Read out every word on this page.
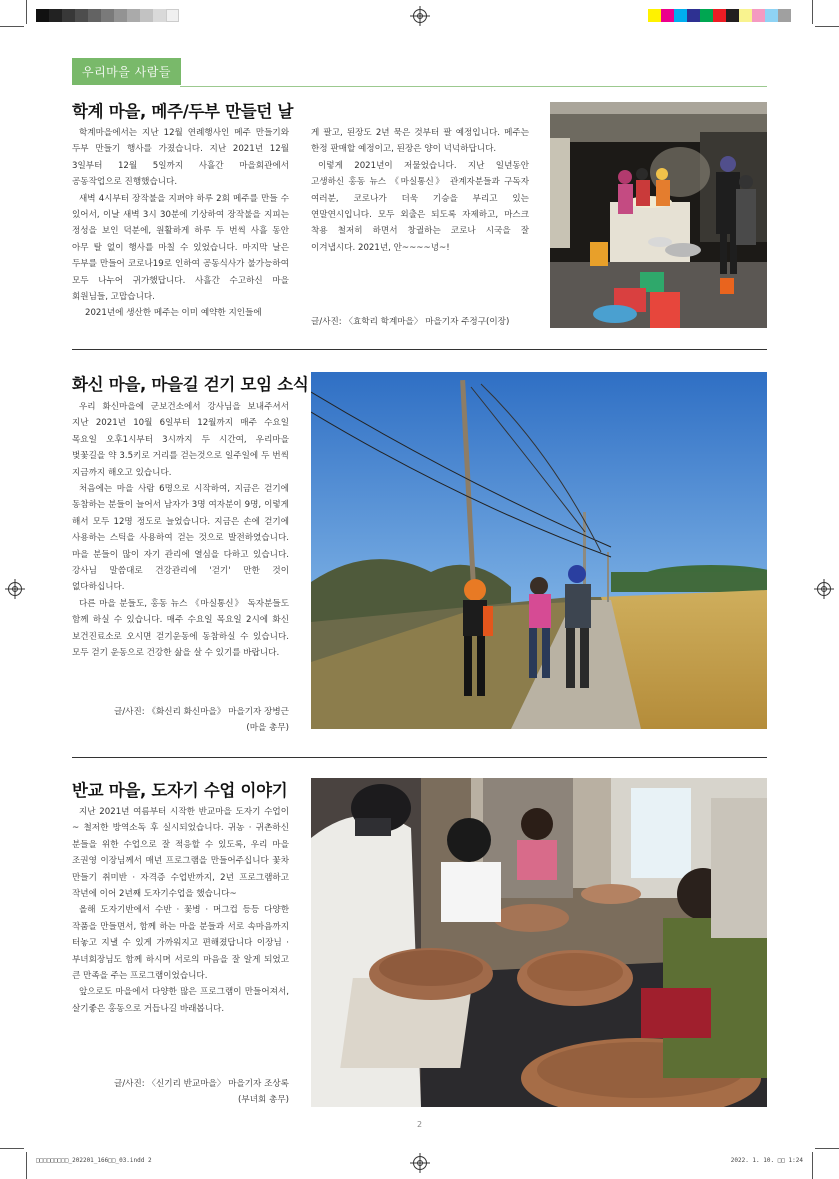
우리마을 사람들
학계 마을, 메주/두부 만들던 날

학계마을에서는 지난 12월 연례행사인 메주 만들기와 두부 만들기 행사를 가졌습니다. 지난 2021년 12월 3일부터 12월 5일까지 사흘간 마을회관에서 공동작업으로 진행했습니다.

새벽 4시부터 장작불을 지펴야 하루 2회 메주를 만들 수 있어서, 이날 새벽 3시 30분에 기상하여 장작불을 지피는 정성을 보인 덕분에, 원활하게 하루 두 번씩 사흘 동안 아무 탈 없이 행사를 마칠 수 있었습니다. 마지막 날은 두부를 만들어 코로나19로 인하여 공동식사가 불가능하여 모두 나누어 귀가했답니다. 사흘간 수고하신 마을 회원님들, 고맙습니다.

2021년에 생산한 메주는 이미 예약한 지인들에

게 팔고, 된장도 2년 묵은 것부터 팔 예정입니다. 메주는 한정 판매할 예정이고, 된장은 양이 넉넉하답니다.

이렇게 2021년이 저물었습니다. 지난 일년동안 고생하신 홍동 뉴스 《마실통신》 관계자분들과 구독자 여러분, 코로나가 더욱 기승을 부리고 있는 연말연시입니다. 모두 외출은 되도록 자제하고, 마스크 착용 철저히 하면서 창궐하는 코로나 시국을 잘 이겨냅시다. 2021년, 안~~~~녕~!

글/사진: 〈효학리 학계마을〉 마을기자 주정구(이장)
화신 마을, 마을길 걷기 모임 소식

우리 화신마을에 군보건소에서 강사님을 보내주셔서 지난 2021년 10월 6일부터 12월까지 매주 수요일 목요일 오후1시부터 3시까지 두 시간여, 우리마을 벚꽃길을 약 3.5키로 거리를 걷는것으로 일주일에 두 번씩 지금까지 해오고 있습니다.

처음에는 마을 사람 6명으로 시작하여, 지금은 걷기에 동참하는 분들이 늘어서 남자가 3명 여자분이 9명, 이렇게 해서 모두 12명 정도로 늘었습니다. 지금은 손에 걷기에 사용하는 스틱을 사용하여 걷는 것으로 발전하였습니다. 마을 분들이 많이 자기 관리에 열심을 다하고 있습니다. 강사님 말씀대로 건강관리에 '걷기' 만한 것이 없다하십니다.

다른 마을 분들도, 홍동 뉴스 《마실통신》 독자분들도 함께 하실 수 있습니다. 매주 수요일 목요일 2시에 화신 보건진료소로 오시면 걷기운동에 동참하실 수 있습니다. 모두 걷기 운동으로 건강한 삶을 살 수 있기를 바랍니다.

글/사진: 《화신리 화신마을》 마을기자 장병근
(마을 총무)
반교 마을, 도자기 수업 이야기

지난 2021년 여름부터 시작한 반교마을 도자기 수업이~ 철저한 방역소독 후 실시되었습니다. 귀농 · 귀촌하신 분들을 위한 수업으로 잘 적응할 수 있도록, 우리 마을 조권영 이장님께서 매년 프로그램을 만들어주십니다 꽃차 만들기 취미반 · 자격증 수업반까지, 2년 프로그램하고 작년에 이어 2년째 도자기수업을 했습니다~

올해 도자기반에서 수반 · 꽃병 · 머그컵 등등 다양한 작품을 만들면서, 함께 하는 마을 분들과 서로 속마음까지 터놓고 지낼 수 있게 가까워지고 편해졌답니다 이장님 · 부녀회장님도 함께 하시며 서로의 마음을 잘 알게 되었고 큰 만족을 주는 프로그램이었습니다.

앞으로도 마을에서 다양한 많은 프로그램이 만들어져서, 살기좋은 홍동으로 거듭나길 바래봅니다.

글/사진: 〈신기리 반교마을〉 마을기자 조상록
(부녀회 총무)
2
□□□□□□□□□_202201_166□□_03.indd 2	2022. 1. 10. □□ 1:24
